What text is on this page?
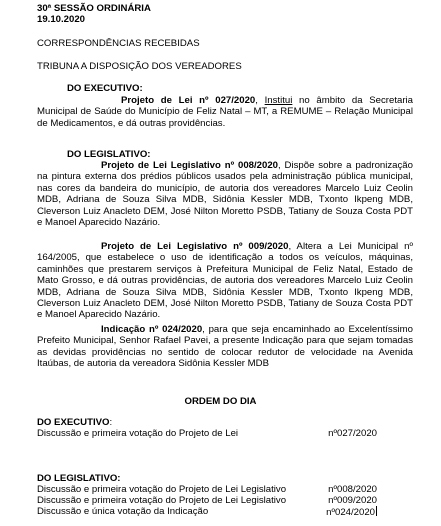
30ª SESSÃO ORDINÁRIA
19.10.2020
CORRESPONDÊNCIAS RECEBIDAS
TRIBUNA A DISPOSIÇÃO DOS VEREADORES
DO EXECUTIVO:
Projeto de Lei nº 027/2020, Institui no âmbito da Secretaria Municipal de Saúde do Município de Feliz Natal – MT, a REMUME – Relação Municipal de Medicamentos, e dá outras providências.
DO LEGISLATIVO:
Projeto de Lei Legislativo nº 008/2020, Dispõe sobre a padronização na pintura externa dos prédios públicos usados pela administração pública municipal, nas cores da bandeira do município, de autoria dos vereadores Marcelo Luiz Ceolin MDB, Adriana de Souza Silva MDB, Sidônia Kessler MDB, Txonto Ikpeng MDB, Cleverson Luiz Anacleto DEM, José Nilton Moretto PSDB, Tatiany de Souza Costa PDT e Manoel Aparecido Nazário.
Projeto de Lei Legislativo nº 009/2020, Altera a Lei Municipal nº 164/2005, que estabelece o uso de identificação a todos os veículos, máquinas, caminhões que prestarem serviços à Prefeitura Municipal de Feliz Natal, Estado de Mato Grosso, e dá outras providências, de autoria dos vereadores Marcelo Luiz Ceolin MDB, Adriana de Souza Silva MDB, Sidônia Kessler MDB, Txonto Ikpeng MDB, Cleverson Luiz Anacleto DEM, José Nilton Moretto PSDB, Tatiany de Souza Costa PDT e Manoel Aparecido Nazário.
Indicação nº 024/2020, para que seja encaminhado ao Excelentíssimo Prefeito Municipal, Senhor Rafael Pavei, a presente Indicação para que sejam tomadas as devidas providências no sentido de colocar redutor de velocidade na Avenida Itaúbas, de autoria da vereadora Sidônia Kessler MDB
ORDEM DO DIA
DO EXECUTIVO:
Discussão e primeira votação do Projeto de Lei	nº027/2020
DO LEGISLATIVO:
Discussão e primeira votação do Projeto de Lei Legislativo	nº008/2020
Discussão e primeira votação do Projeto de Lei Legislativo	nº009/2020
Discussão e única votação da Indicação	nº024/2020
